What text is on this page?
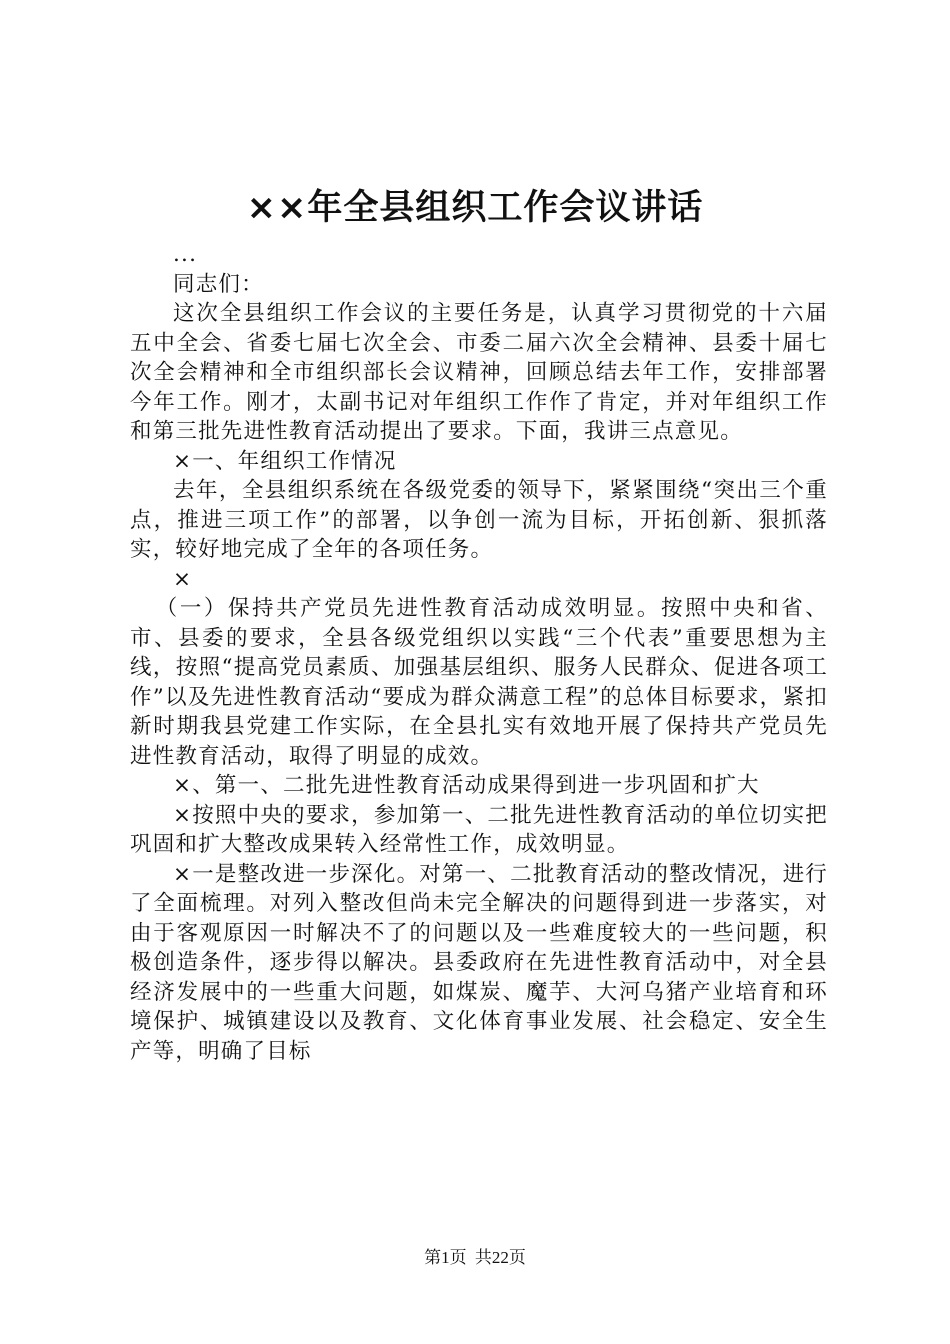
××年全县组织工作会议讲话

...

同志们：

这次全县组织工作会议的主要任务是，认真学习贯彻党的十六届五中全会、省委七届七次全会、市委二届六次全会精神、县委十届七次全会精神和全市组织部长会议精神，回顾总结去年工作，安排部署今年工作。刚才，太副书记对年组织工作作了肯定，并对年组织工作和第三批先进性教育活动提出了要求。下面，我讲三点意见。

×一、年组织工作情况

去年，全县组织系统在各级党委的领导下，紧紧围绕“突出三个重点，推进三项工作”的部署，以争创一流为目标，开拓创新、狠抓落实，较好地完成了全年的各项任务。

×

（一）保持共产党员先进性教育活动成效明显。按照中央和省、市、县委的要求，全县各级党组织以实践“三个代表”重要思想为主线，按照“提高党员素质、加强基层组织、服务人民群众、促进各项工作”以及先进性教育活动“要成为群众满意工程”的总体目标要求，紧扣新时期我县党建工作实际，在全县扎实有效地开展了保持共产党员先进性教育活动，取得了明显的成效。

×、第一、二批先进性教育活动成果得到进一步巩固和扩大

×按照中央的要求，参加第一、二批先进性教育活动的单位切实把巩固和扩大整改成果转入经常性工作，成效明显。

×一是整改进一步深化。对第一、二批教育活动的整改情况，进行了全面梳理。对列入整改但尚未完全解决的问题得到进一步落实，对由于客观原因一时解决不了的问题以及一些难度较大的一些问题，积极创造条件，逐步得以解决。县委政府在先进性教育活动中，对全县经济发展中的一些重大问题，如煤炭、魔芋、大河乌猪产业培育和环境保护、城镇建设以及教育、文化体育事业发展、社会稳定、安全生产等，明确了目标

第1页 共22页
